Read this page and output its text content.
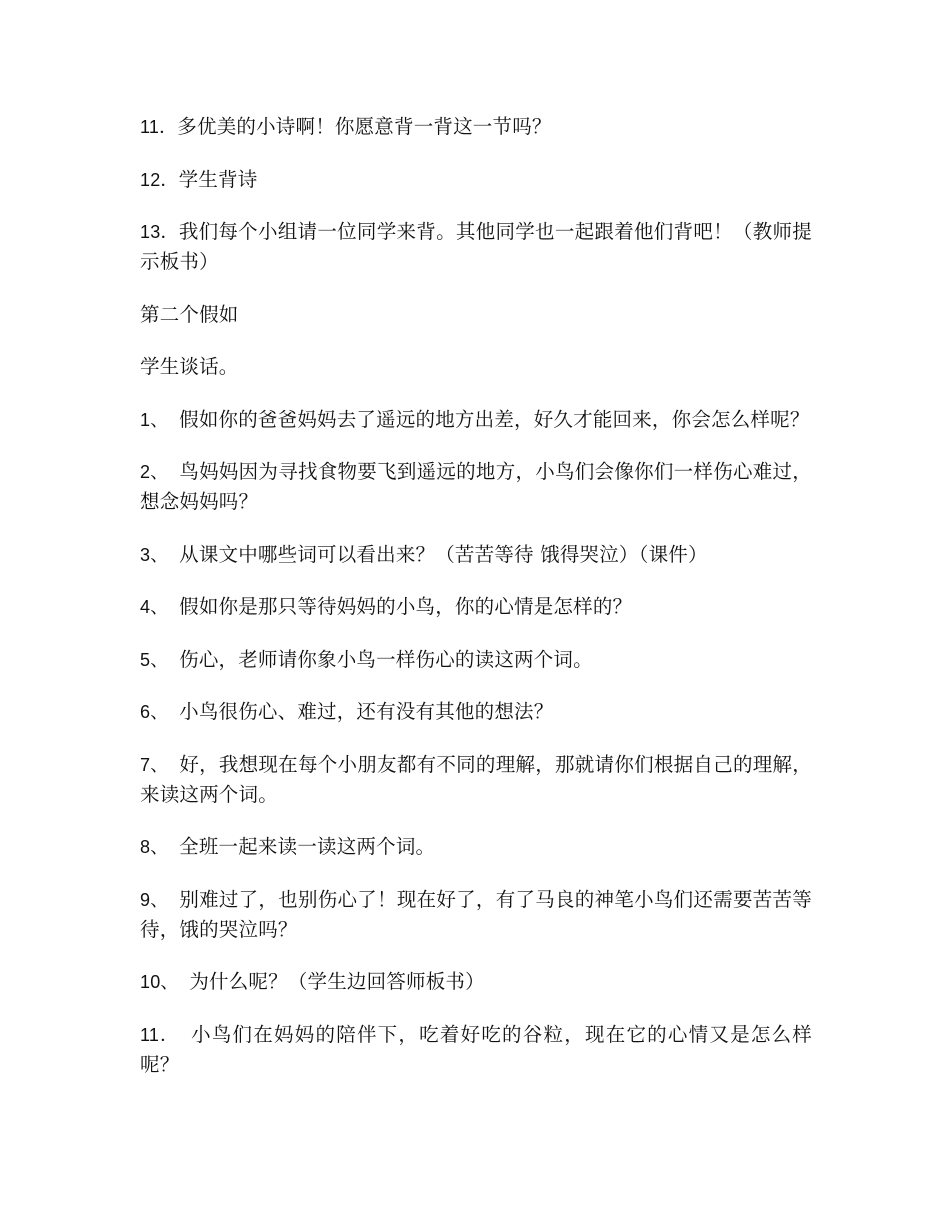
11．多优美的小诗啊！你愿意背一背这一节吗？

12．学生背诗

13．我们每个小组请一位同学来背。其他同学也一起跟着他们背吧！（教师提示板书）

第二个假如

学生谈话。

1、　假如你的爸爸妈妈去了遥远的地方出差，好久才能回来，你会怎么样呢？

2、　鸟妈妈因为寻找食物要飞到遥远的地方，小鸟们会像你们一样伤心难过，想念妈妈吗？

3、　从课文中哪些词可以看出来？（苦苦等待 饿得哭泣）（课件）

4、　假如你是那只等待妈妈的小鸟，你的心情是怎样的？

5、　伤心，老师请你象小鸟一样伤心的读这两个词。

6、　小鸟很伤心、难过，还有没有其他的想法？

7、　好，我想现在每个小朋友都有不同的理解，那就请你们根据自己的理解，来读这两个词。

8、　全班一起来读一读这两个词。

9、　别难过了，也别伤心了！现在好了，有了马良的神笔小鸟们还需要苦苦等待，饿的哭泣吗？

10、　为什么呢？（学生边回答师板书）

11．　小鸟们在妈妈的陪伴下，吃着好吃的谷粒，现在它的心情又是怎么样呢？
